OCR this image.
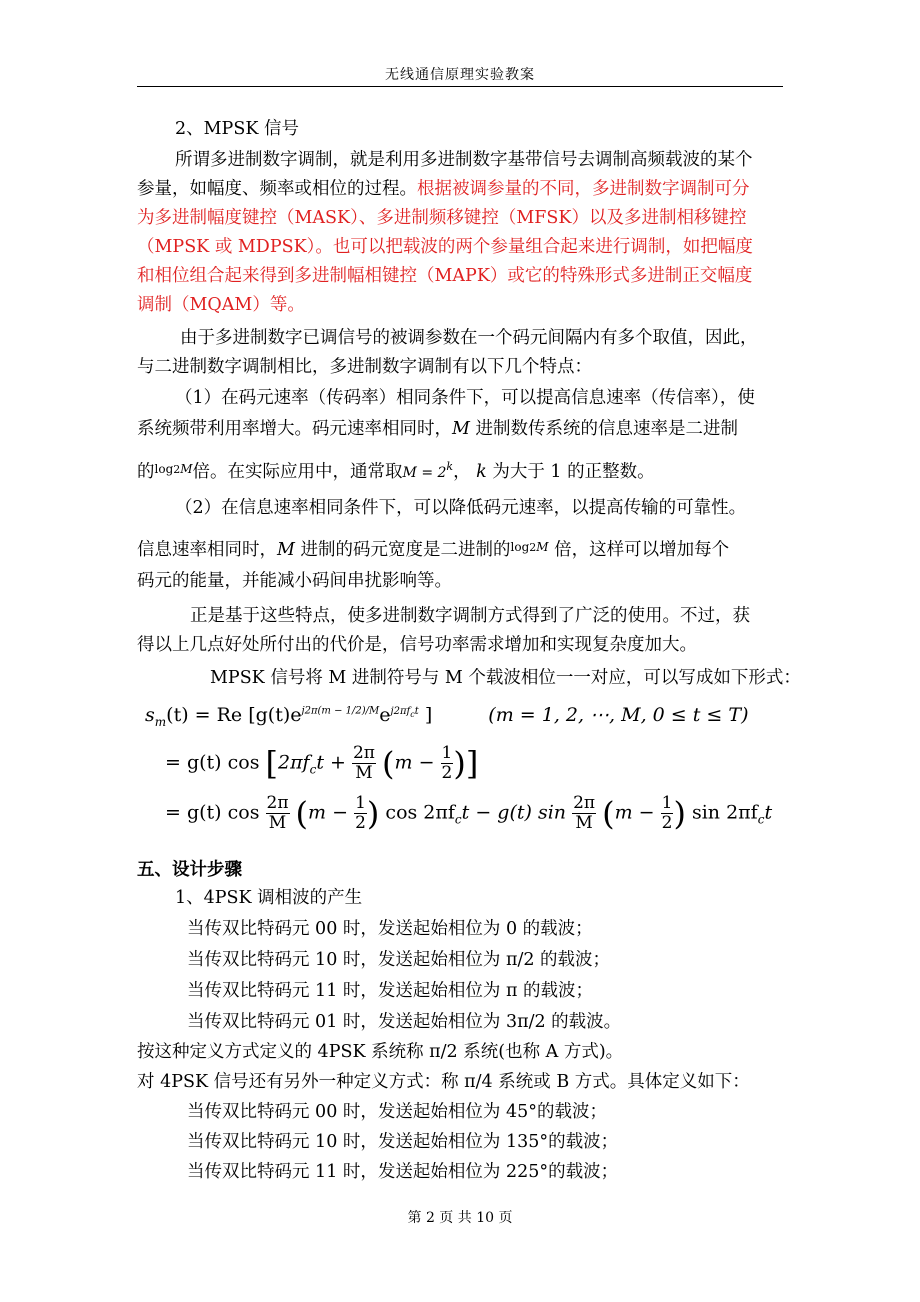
无线通信原理实验教案
2、MPSK 信号
所谓多进制数字调制，就是利用多进制数字基带信号去调制高频载波的某个
参量，如幅度、频率或相位的过程。根据被调参量的不同，多进制数字调制可分
为多进制幅度键控（MASK）、多进制频移键控（MFSK）以及多进制相移键控
（MPSK 或 MDPSK）。也可以把载波的两个参量组合起来进行调制，如把幅度
和相位组合起来得到多进制幅相键控（MAPK）或它的特殊形式多进制正交幅度
调制（MQAM）等。
由于多进制数字已调信号的被调参数在一个码元间隔内有多个取值，因此，
与二进制数字调制相比，多进制数字调制有以下几个特点：
（1）在码元速率（传码率）相同条件下，可以提高信息速率（传信率），使
系统频带利用率增大。码元速率相同时，M 进制数传系统的信息速率是二进制
的$^{log2M}$倍。在实际应用中，通常取$M = 2^k$， k 为大于 1 的正整数。
（2）在信息速率相同条件下，可以降低码元速率，以提高传输的可靠性。
信息速率相同时，M 进制的码元宽度是二进制的$^{log2M}$ 倍，这样可以增加每个
码元的能量，并能减小码间串扰影响等。
正是基于这些特点，使多进制数字调制方式得到了广泛的使用。不过，获
得以上几点好处所付出的代价是，信号功率需求增加和实现复杂度加大。
MPSK 信号将 M 进制符号与 M 个载波相位一一对应，可以写成如下形式：
$s_m(t) = Re$ [$g(t)e^{j2\pi(m - 1/2)/M}e^{j2\pi f_ct}$ ]	(m = 1, 2, ⋯, M, 0 ≤ t ≤ T)
= g(t) $\cos [2\pi f_ct + \frac{2\pi}{M} (m - \frac{1}{2}$ )]
= g(t) $\cos \frac{2\pi}{M} (m - \frac{1}{2}$ ) $\cos 2\pi f_ct - g(t)$ $\sin \frac{2\pi}{M} (m - \frac{1}{2}$ ) $\sin 2\pi f_ct$
五、设计步骤
1、4PSK 调相波的产生
当传双比特码元 00 时，发送起始相位为 0 的载波；
当传双比特码元 10 时，发送起始相位为 π/2 的载波；
当传双比特码元 11 时，发送起始相位为 π 的载波；
当传双比特码元 01 时，发送起始相位为 3π/2 的载波。
按这种定义方式定义的 4PSK 系统称 π/2 系统(也称 A 方式)。
对 4PSK 信号还有另外一种定义方式：称 π/4 系统或 B 方式。具体定义如下：
当传双比特码元 00 时，发送起始相位为 45°的载波；
当传双比特码元 10 时，发送起始相位为 135°的载波；
当传双比特码元 11 时，发送起始相位为 225°的载波；
第 2 页 共 10 页
